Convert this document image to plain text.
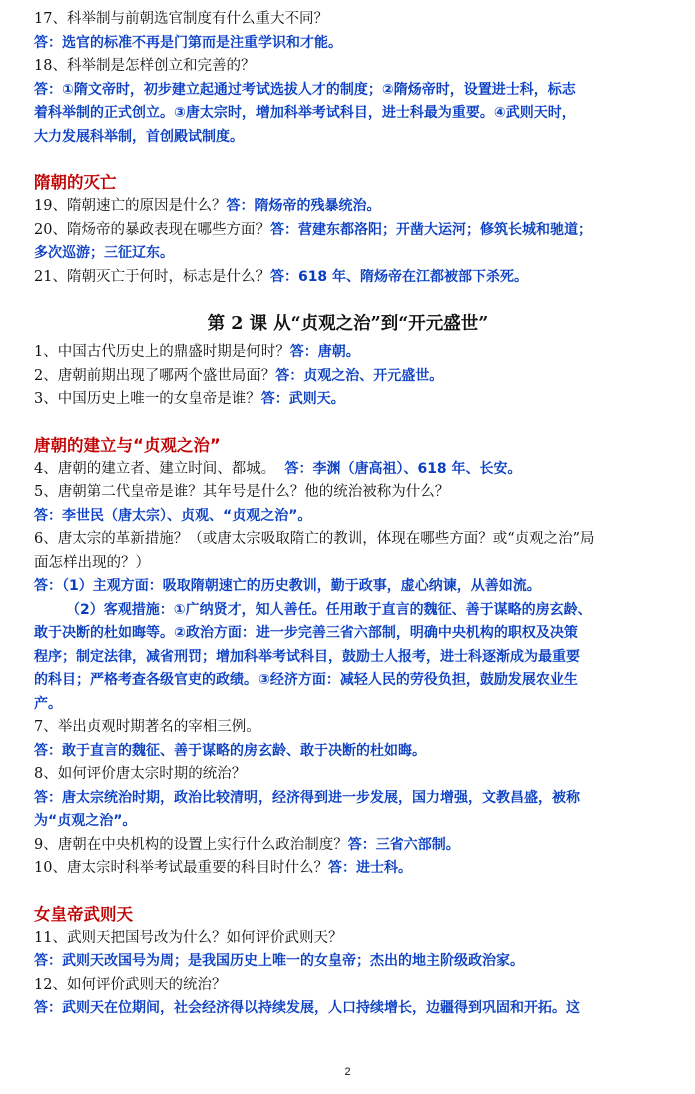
17、科举制与前朝选官制度有什么重大不同？
答：选官的标准不再是门第而是注重学识和才能。
18、科举制是怎样创立和完善的？
答：①隋文帝时，初步建立起通过考试选拔人才的制度；②隋炀帝时，设置进士科，标志
着科举制的正式创立。③唐太宗时，增加科举考试科目，进士科最为重要。④武则天时，
大力发展科举制，首创殿试制度。
隋朝的灭亡
19、隋朝速亡的原因是什么？答：隋炀帝的残暴统治。
20、隋炀帝的暴政表现在哪些方面？答：营建东都洛阳；开凿大运河；修筑长城和驰道；
多次巡游；三征辽东。
21、隋朝灭亡于何时，标志是什么？答：618 年、隋炀帝在江都被部下杀死。
第 2 课 从“贞观之治”到“开元盛世”
1、中国古代历史上的鼎盛时期是何时？答：唐朝。
2、唐朝前期出现了哪两个盛世局面？答：贞观之治、开元盛世。
3、中国历史上唯一的女皇帝是谁？答：武则天。
唐朝的建立与“贞观之治”
4、唐朝的建立者、建立时间、都城。 答：李渊（唐高祖）、618 年、长安。
5、唐朝第二代皇帝是谁？其年号是什么？他的统治被称为什么？
答：李世民（唐太宗）、贞观、“贞观之治”。
6、唐太宗的革新措施？（或唐太宗吸取隋亡的教训，体现在哪些方面？或“贞观之治”局
面怎样出现的？）
答：（1）主观方面：吸取隋朝速亡的历史教训，勤于政事，虚心纳谏，从善如流。
（2）客观措施：①广纳贤才，知人善任。任用敢于直言的魏征、善于谋略的房玄龄、
敢于决断的杜如晦等。②政治方面：进一步完善三省六部制，明确中央机构的职权及决策
程序；制定法律，减省刑罚；增加科举考试科目，鼓励士人报考，进士科逐渐成为最重要
的科目；严格考查各级官吏的政绩。③经济方面：减轻人民的劳役负担，鼓励发展农业生
产。
7、举出贞观时期著名的宰相三例。
答：敢于直言的魏征、善于谋略的房玄龄、敢于决断的杜如晦。
8、如何评价唐太宗时期的统治？
答：唐太宗统治时期，政治比较清明，经济得到进一步发展，国力增强，文教昌盛，被称
为“贞观之治”。
9、唐朝在中央机构的设置上实行什么政治制度？答：三省六部制。
10、唐太宗时科举考试最重要的科目时什么？答：进士科。
女皇帝武则天
11、武则天把国号改为什么？如何评价武则天？
答：武则天改国号为周；是我国历史上唯一的女皇帝；杰出的地主阶级政治家。
12、如何评价武则天的统治？
答：武则天在位期间，社会经济得以持续发展，人口持续增长，边疆得到巩固和开拓。这
2
